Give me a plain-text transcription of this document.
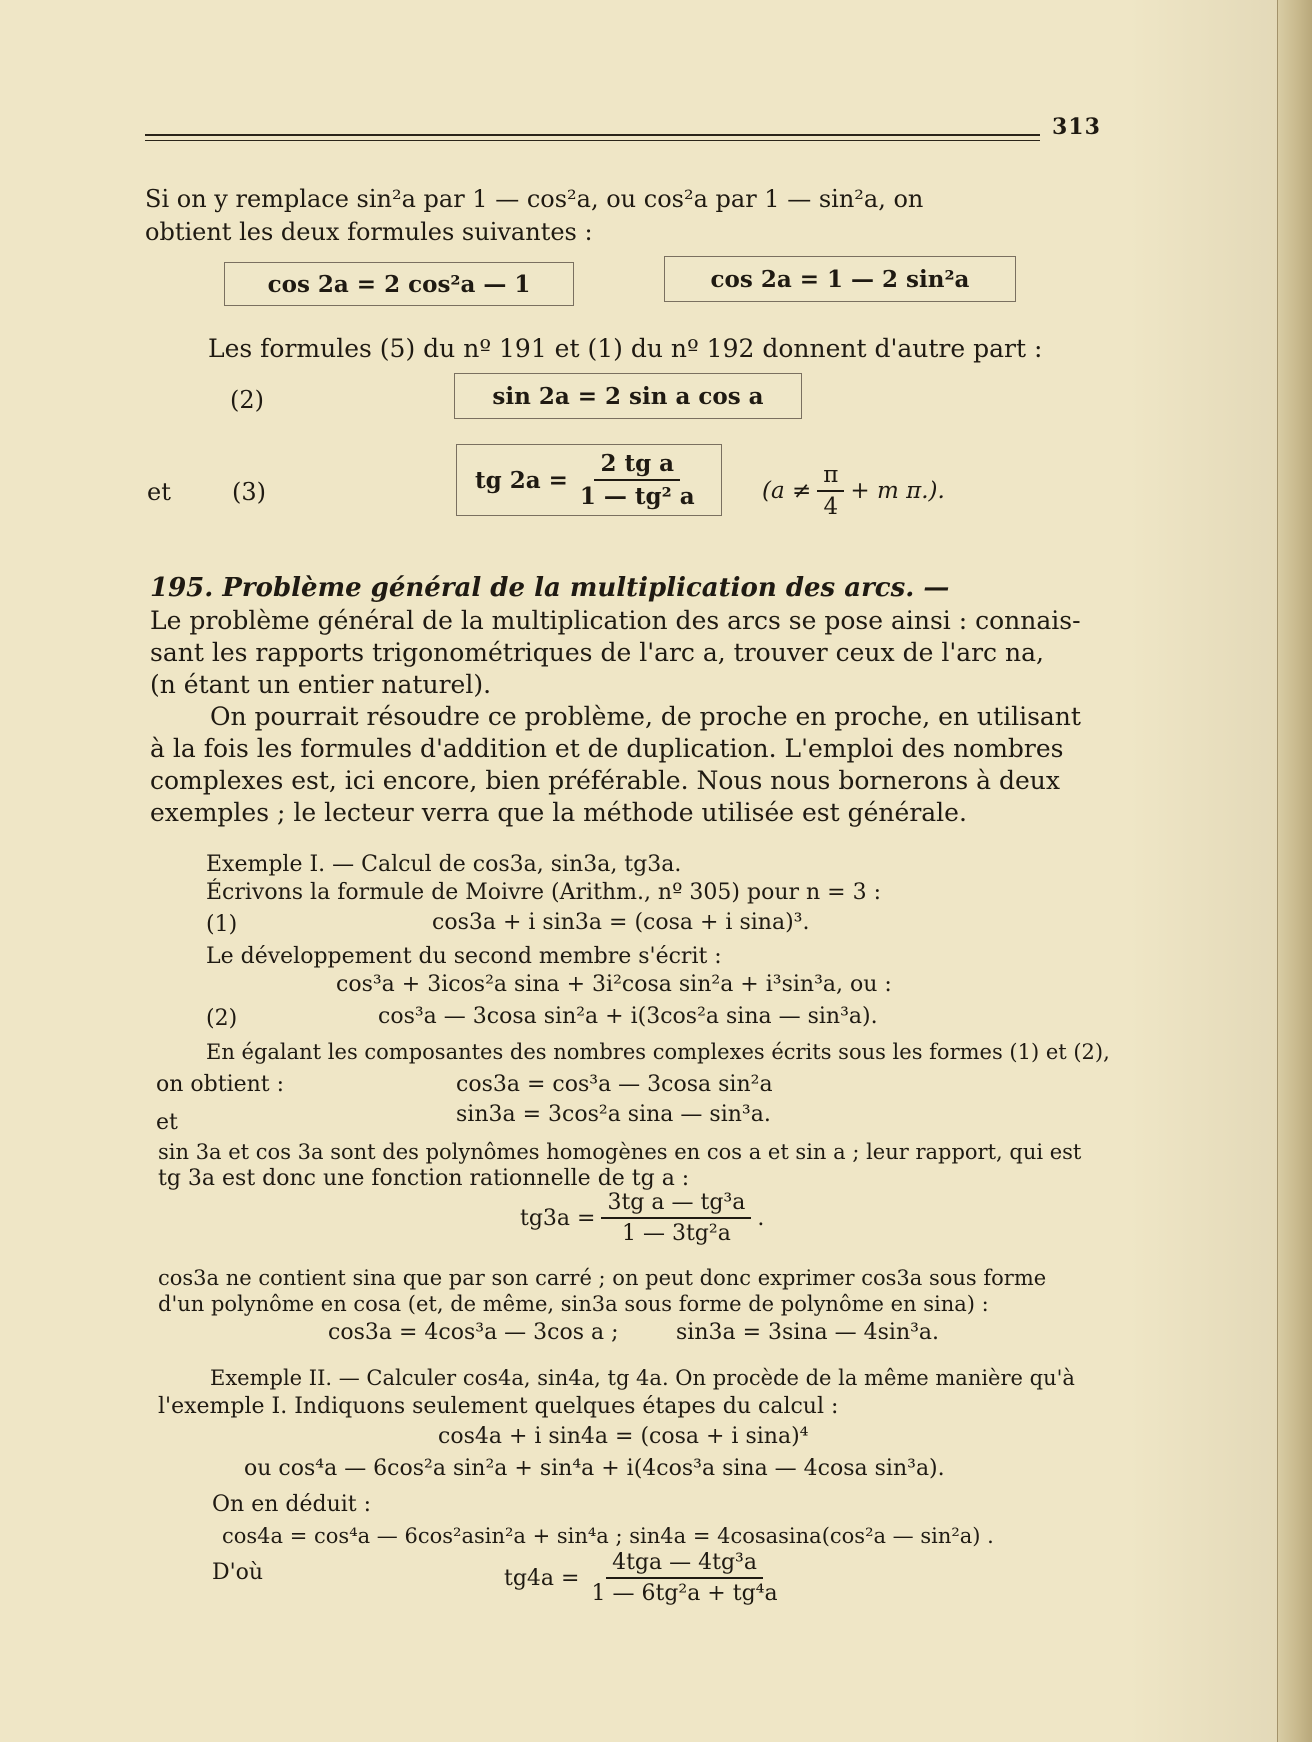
313
Si on y remplace sin²a par 1 — cos²a, ou cos²a par 1 — sin²a, on
obtient les deux formules suivantes :
cos 2a = 2 cos²a — 1	cos 2a = 1 — 2 sin²a
Les formules (5) du nº 191 et (1) du nº 192 donnent d'autre part :
(2)	sin 2a = 2 sin a cos a
et	(3)	tg $2a = \frac{\text{2 tg a}}{\text{1 — tg² a}}$	($a \ne \frac{\pi}{4} + m$ π.).
195. Problème général de la multiplication des arcs. —
Le problème général de la multiplication des arcs se pose ainsi : connais-
sant les rapports trigonométriques de l'arc a, trouver ceux de l'arc na,
(n étant un entier naturel).
On pourrait résoudre ce problème, de proche en proche, en utilisant
à la fois les formules d'addition et de duplication. L'emploi des nombres
complexes est, ici encore, bien préférable. Nous nous bornerons à deux
exemples ; le lecteur verra que la méthode utilisée est générale.
Exemple I. — Calcul de cos3a, sin3a, tg3a.
Écrivons la formule de Moivre (Arithm., nº 305) pour n = 3 :
(1)	cos3a + i sin3a = (cosa + i sina)³.
Le développement du second membre s'écrit :
cos³a + 3icos²a sina + 3i²cosa sin²a + i³sin³a, ou :
(2)	cos³a — 3cosa sin²a + i(3cos²a sina — sin³a).
En égalant les composantes des nombres complexes écrits sous les formes (1) et (2),
on obtient :	cos3a = cos³a — 3cosa sin²a
et	sin3a = 3cos²a sina — sin³a.
sin 3a et cos 3a sont des polynômes homogènes en cos a et sin a ; leur rapport, qui est
tg 3a est donc une fonction rationnelle de tg a :
$tg3a = \frac{\text{3tg a — tg³a}}{\text{1 — 3tg²a}}$ .
cos3a ne contient sina que par son carré ; on peut donc exprimer cos3a sous forme
d'un polynôme en cosa (et, de même, sin3a sous forme de polynôme en sina) :
cos3a = 4cos³a — 3cos a ;	sin3a = 3sina — 4sin³a.
Exemple II. — Calculer cos4a, sin4a, tg 4a. On procède de la même manière qu'à
l'exemple I. Indiquons seulement quelques étapes du calcul :
cos4a + i sin4a = (cosa + i sina)⁴
ou cos⁴a — 6cos²a sin²a + sin⁴a + i(4cos³a sina — 4cosa sin³a).
On en déduit :
cos4a = cos⁴a — 6cos²asin²a + sin⁴a ; sin4a = 4cosasina(cos²a — sin²a) .
D'où	$tg4a = \frac{\text{4tga — 4tg³a}}{\text{1 — 6tg²a + tg⁴a}}$
